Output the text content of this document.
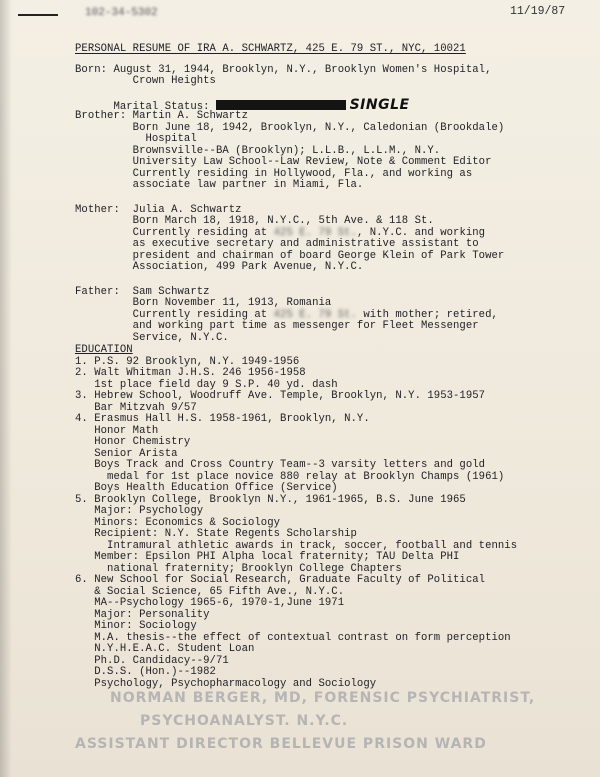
102-34-5302	11/19/87
NORMAN BERGER, MD, FORENSIC PSYCHIATRIST,
PSYCHOANALYST. N.Y.C.
ASSISTANT DIRECTOR BELLEVUE PRISON WARD
PERSONAL RESUME OF IRA A. SCHWARTZ, 425 E. 79 ST., NYC, 10021
Born: August 31, 1944, Brooklyn, N.Y., Brooklyn Women's Hospital,
Crown Heights

Marital Status:	SINGLE

Brother: Martin A. Schwartz
Born June 18, 1942, Brooklyn, N.Y., Caledonian (Brookdale)
Hospital
Brownsville--BA (Brooklyn); L.L.B., L.L.M., N.Y.
University Law School--Law Review, Note & Comment Editor
Currently residing in Hollywood, Fla., and working as
associate law partner in Miami, Fla.
Mother:  Julia A. Schwartz
Born March 18, 1918, N.Y.C., 5th Ave. & 118 St.
Currently residing at 425 E. 79 St., N.Y.C. and working
as executive secretary and administrative assistant to
president and chairman of board George Klein of Park Tower
Association, 499 Park Avenue, N.Y.C.
Father:  Sam Schwartz
Born November 11, 1913, Romania
Currently residing at 425 E. 79 St. with mother; retired,
and working part time as messenger for Fleet Messenger
Service, N.Y.C.
EDUCATION
1. P.S. 92 Brooklyn, N.Y. 1949-1956
2. Walt Whitman J.H.S. 246 1956-1958
1st place field day 9 S.P. 40 yd. dash
3. Hebrew School, Woodruff Ave. Temple, Brooklyn, N.Y. 1953-1957
Bar Mitzvah 9/57
4. Erasmus Hall H.S. 1958-1961, Brooklyn, N.Y.
Honor Math
Honor Chemistry
Senior Arista
Boys Track and Cross Country Team--3 varsity letters and gold
medal for 1st place novice 880 relay at Brooklyn Champs (1961)
Boys Health Education Office (Service)
5. Brooklyn College, Brooklyn N.Y., 1961-1965, B.S. June 1965
Major: Psychology
Minors: Economics & Sociology
Recipient: N.Y. State Regents Scholarship
Intramural athletic awards in track, soccer, football and tennis
Member: Epsilon PHI Alpha local fraternity; TAU Delta PHI
national fraternity; Brooklyn College Chapters
6. New School for Social Research, Graduate Faculty of Political
& Social Science, 65 Fifth Ave., N.Y.C.
MA--Psychology 1965-6, 1970-1,June 1971
Major: Personality
Minor: Sociology
M.A. thesis--the effect of contextual contrast on form perception
N.Y.H.E.A.C. Student Loan
Ph.D. Candidacy--9/71
D.S.S. (Hon.)--1982
Psychology, Psychopharmacology and Sociology
